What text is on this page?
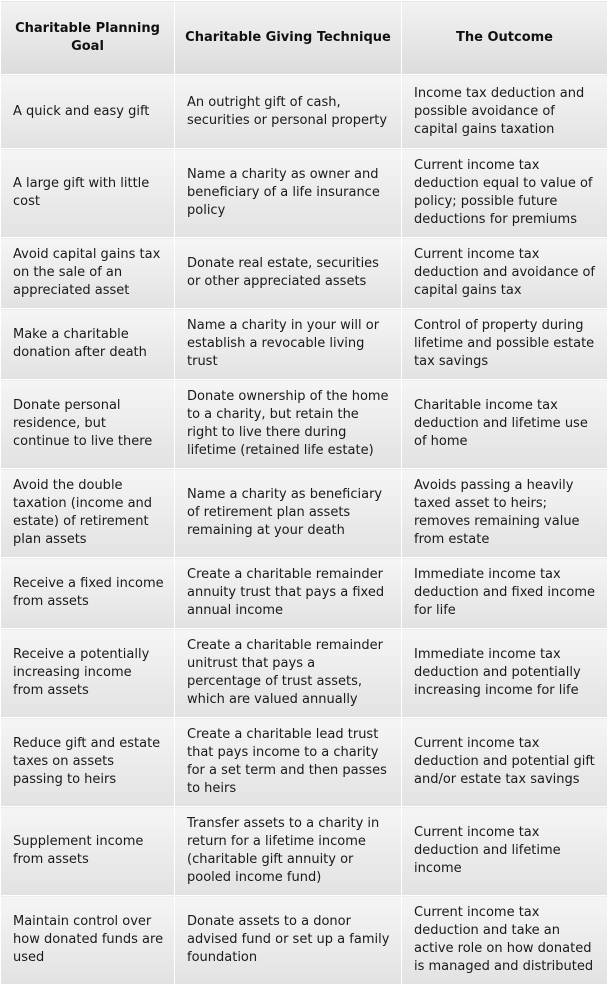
Charitable Planning Goal	Charitable Giving Technique	The Outcome
A quick and easy gift	An outright gift of cash, securities or personal property	Income tax deduction and possible avoidance of capital gains taxation
A large gift with little cost	Name a charity as owner and beneficiary of a life insurance policy	Current income tax deduction equal to value of policy; possible future deductions for premiums
Avoid capital gains tax on the sale of an appreciated asset	Donate real estate, securities or other appreciated assets	Current income tax deduction and avoidance of capital gains tax
Make a charitable donation after death	Name a charity in your will or establish a revocable living trust	Control of property during lifetime and possible estate tax savings
Donate personal residence, but continue to live there	Donate ownership of the home to a charity, but retain the right to live there during lifetime (retained life estate)	Charitable income tax deduction and lifetime use of home
Avoid the double taxation (income and estate) of retirement plan assets	Name a charity as beneficiary of retirement plan assets remaining at your death	Avoids passing a heavily taxed asset to heirs; removes remaining value from estate
Receive a fixed income from assets	Create a charitable remainder annuity trust that pays a fixed annual income	Immediate income tax deduction and fixed income for life
Receive a potentially increasing income from assets	Create a charitable remainder unitrust that pays a percentage of trust assets, which are valued annually	Immediate income tax deduction and potentially increasing income for life
Reduce gift and estate taxes on assets passing to heirs	Create a charitable lead trust that pays income to a charity for a set term and then passes to heirs	Current income tax deduction and potential gift and/or estate tax savings
Supplement income from assets	Transfer assets to a charity in return for a lifetime income (charitable gift annuity or pooled income fund)	Current income tax deduction and lifetime income
Maintain control over how donated funds are used	Donate assets to a donor advised fund or set up a family foundation	Current income tax deduction and take an active role on how donated is managed and distributed
